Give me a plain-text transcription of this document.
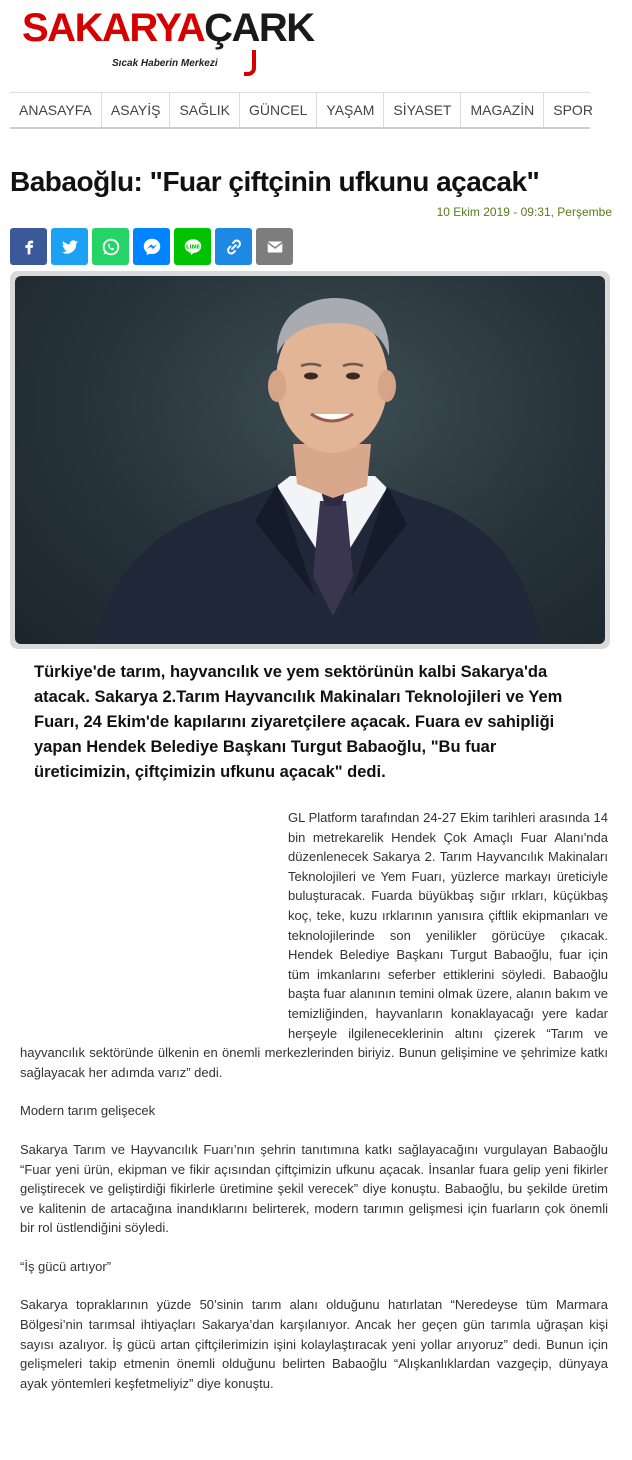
SAKARYAÇARK
Sıcak Haberin Merkezi
ANASAYFA	ASAYİŞ	SAĞLIK	GÜNCEL	YAŞAM	SİYASET	MAGAZİN	SPOR
Babaoğlu: "Fuar çiftçinin ufkunu açacak"
10 Ekim 2019 - 09:31, Perşembe
LINE
Türkiye'de tarım, hayvancılık ve yem sektörünün kalbi Sakarya'da atacak. Sakarya 2.Tarım Hayvancılık Makinaları Teknolojileri ve Yem Fuarı, 24 Ekim'de kapılarını ziyaretçilere açacak. Fuara ev sahipliği yapan Hendek Belediye Başkanı Turgut Babaoğlu, "Bu fuar üreticimizin, çiftçimizin ufkunu açacak" dedi.

GL Platform tarafından 24-27 Ekim tarihleri arasında 14 bin metrekarelik Hendek Çok Amaçlı Fuar Alanı'nda düzenlenecek Sakarya 2. Tarım Hayvancılık Makinaları Teknolojileri ve Yem Fuarı, yüzlerce markayı üreticiyle buluşturacak. Fuarda büyükbaş sığır ırkları, küçükbaş koç, teke, kuzu ırklarının yanısıra çiftlik ekipmanları ve teknolojilerinde son yenilikler görücüye çıkacak. Hendek Belediye Başkanı Turgut Babaoğlu, fuar için tüm imkanlarını seferber ettiklerini söyledi. Babaoğlu başta fuar alanının temini olmak üzere, alanın bakım ve temizliğinden, hayvanların konaklayacağı yere kadar herşeyle ilgileneceklerinin altını çizerek “Tarım ve hayvancılık sektöründe ülkenin en önemli merkezlerinden biriyiz. Bunun gelişimine ve şehrimize katkı sağlayacak her adımda varız” dedi.

Modern tarım gelişecek

Sakarya Tarım ve Hayvancılık Fuarı’nın şehrin tanıtımına katkı sağlayacağını vurgulayan Babaoğlu “Fuar yeni ürün, ekipman ve fikir açısından çiftçimizin ufkunu açacak. İnsanlar fuara gelip yeni fikirler geliştirecek ve geliştirdiği fikirlerle üretimine şekil verecek” diye konuştu. Babaoğlu, bu şekilde üretim ve kalitenin de artacağına inandıklarını belirterek, modern tarımın gelişmesi için fuarların çok önemli bir rol üstlendiğini söyledi.

“İş gücü artıyor”

Sakarya topraklarının yüzde 50’sinin tarım alanı olduğunu hatırlatan “Neredeyse tüm Marmara Bölgesi’nin tarımsal ihtiyaçları Sakarya’dan karşılanıyor. Ancak her geçen gün tarımla uğraşan kişi sayısı azalıyor. İş gücü artan çiftçilerimizin işini kolaylaştıracak yeni yollar arıyoruz” dedi. Bunun için gelişmeleri takip etmenin önemli olduğunu belirten Babaoğlu “Alışkanlıklardan vazgeçip, dünyaya ayak yöntemleri keşfetmeliyiz” diye konuştu.
